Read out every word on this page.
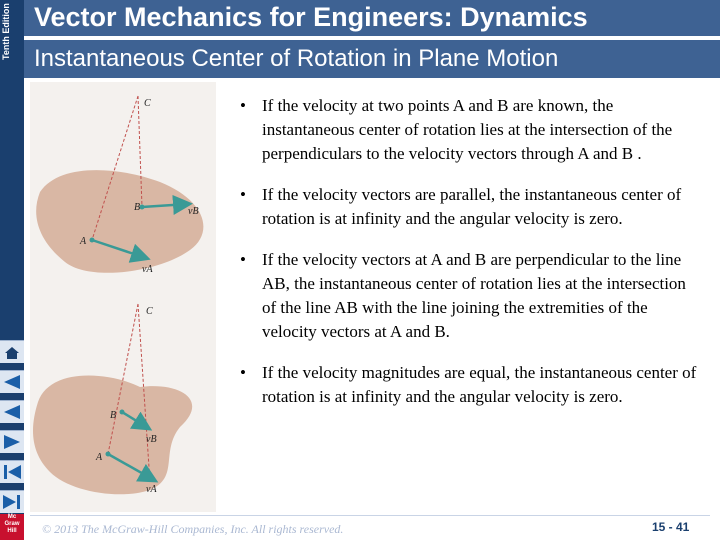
Tenth Edition Vector Mechanics for Engineers: Dynamics
Instantaneous Center of Rotation in Plane Motion
Mc Graw Hill
C
B
A
vB
vA
C
B
A
vB
vA
• If the velocity at two points A and B are known, the instantaneous center of rotation lies at the intersection of the perpendiculars to the velocity vectors through A and B .
• If the velocity vectors are parallel, the instantaneous center of rotation is at infinity and the angular velocity is zero.
• If the velocity vectors at A and B are perpendicular to the line AB, the instantaneous center of rotation lies at the intersection of the line AB with the line joining the extremities of the velocity vectors at A and B.
• If the velocity magnitudes are equal, the instantaneous center of rotation is at infinity and the angular velocity is zero.
© 2013 The McGraw-Hill Companies, Inc. All rights reserved.	15 - 41
